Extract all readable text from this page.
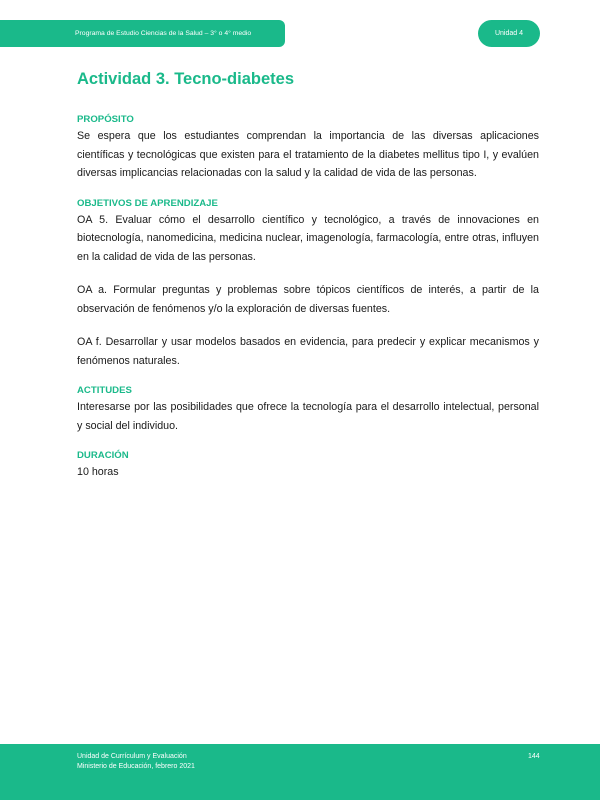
Programa de Estudio Ciencias de la Salud – 3° o 4° medio	Unidad 4
Actividad 3. Tecno-diabetes
PROPÓSITO

Se espera que los estudiantes comprendan la importancia de las diversas aplicaciones científicas y tecnológicas que existen para el tratamiento de la diabetes mellitus tipo I, y evalúen diversas implicancias relacionadas con la salud y la calidad de vida de las personas.

OBJETIVOS DE APRENDIZAJE

OA 5. Evaluar cómo el desarrollo científico y tecnológico, a través de innovaciones en biotecnología, nanomedicina, medicina nuclear, imagenología, farmacología, entre otras, influyen en la calidad de vida de las personas.

OA a. Formular preguntas y problemas sobre tópicos científicos de interés, a partir de la observación de fenómenos y/o la exploración de diversas fuentes.

OA f. Desarrollar y usar modelos basados en evidencia, para predecir y explicar mecanismos y fenómenos naturales.

ACTITUDES

Interesarse por las posibilidades que ofrece la tecnología para el desarrollo intelectual, personal y social del individuo.

DURACIÓN

10 horas

Unidad de Currículum y Evaluación
Ministerio de Educación, febrero 2021
144
